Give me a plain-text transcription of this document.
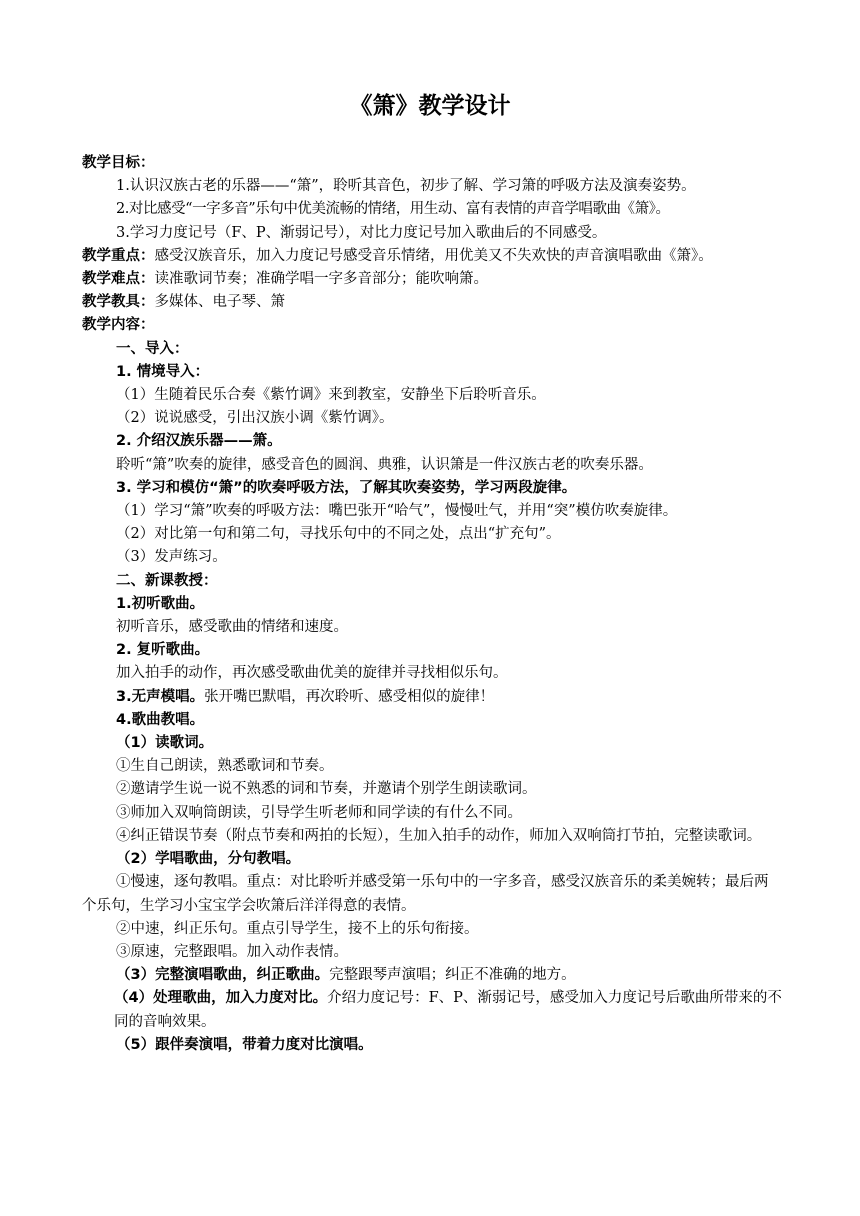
《箫》教学设计

教学目标：

1.认识汉族古老的乐器——“箫”，聆听其音色，初步了解、学习箫的呼吸方法及演奏姿势。

2.对比感受“一字多音”乐句中优美流畅的情绪，用生动、富有表情的声音学唱歌曲《箫》。

3.学习力度记号（F、P、渐弱记号），对比力度记号加入歌曲后的不同感受。

教学重点：感受汉族音乐，加入力度记号感受音乐情绪，用优美又不失欢快的声音演唱歌曲《箫》。

教学难点：读准歌词节奏；准确学唱一字多音部分；能吹响箫。

教学教具：多媒体、电子琴、箫

教学内容：

一、导入：

1. 情境导入：

（1）生随着民乐合奏《紫竹调》来到教室，安静坐下后聆听音乐。

（2）说说感受，引出汉族小调《紫竹调》。

2. 介绍汉族乐器——箫。

聆听“箫”吹奏的旋律，感受音色的圆润、典雅，认识箫是一件汉族古老的吹奏乐器。

3. 学习和模仿“箫”的吹奏呼吸方法，了解其吹奏姿势，学习两段旋律。

（1）学习“箫”吹奏的呼吸方法：嘴巴张开“哈气”，慢慢吐气，并用“突”模仿吹奏旋律。

（2）对比第一句和第二句，寻找乐句中的不同之处，点出“扩充句”。

（3）发声练习。

二、新课教授：

1.初听歌曲。

初听音乐，感受歌曲的情绪和速度。

2. 复听歌曲。

加入拍手的动作，再次感受歌曲优美的旋律并寻找相似乐句。

3.无声模唱。张开嘴巴默唱，再次聆听、感受相似的旋律！

4.歌曲教唱。

（1）读歌词。

①生自己朗读，熟悉歌词和节奏。

②邀请学生说一说不熟悉的词和节奏，并邀请个别学生朗读歌词。

③师加入双响筒朗读，引导学生听老师和同学读的有什么不同。

④纠正错误节奏（附点节奏和两拍的长短），生加入拍手的动作，师加入双响筒打节拍，完整读歌词。

（2）学唱歌曲，分句教唱。

①慢速，逐句教唱。重点：对比聆听并感受第一乐句中的一字多音，感受汉族音乐的柔美婉转；最后两个乐句，生学习小宝宝学会吹箫后洋洋得意的表情。

②中速，纠正乐句。重点引导学生，接不上的乐句衔接。

③原速，完整跟唱。加入动作表情。

（3）完整演唱歌曲，纠正歌曲。完整跟琴声演唱；纠正不准确的地方。

（4）处理歌曲，加入力度对比。介绍力度记号：F、P、渐弱记号，感受加入力度记号后歌曲所带来的不同的音响效果。

（5）跟伴奏演唱，带着力度对比演唱。
